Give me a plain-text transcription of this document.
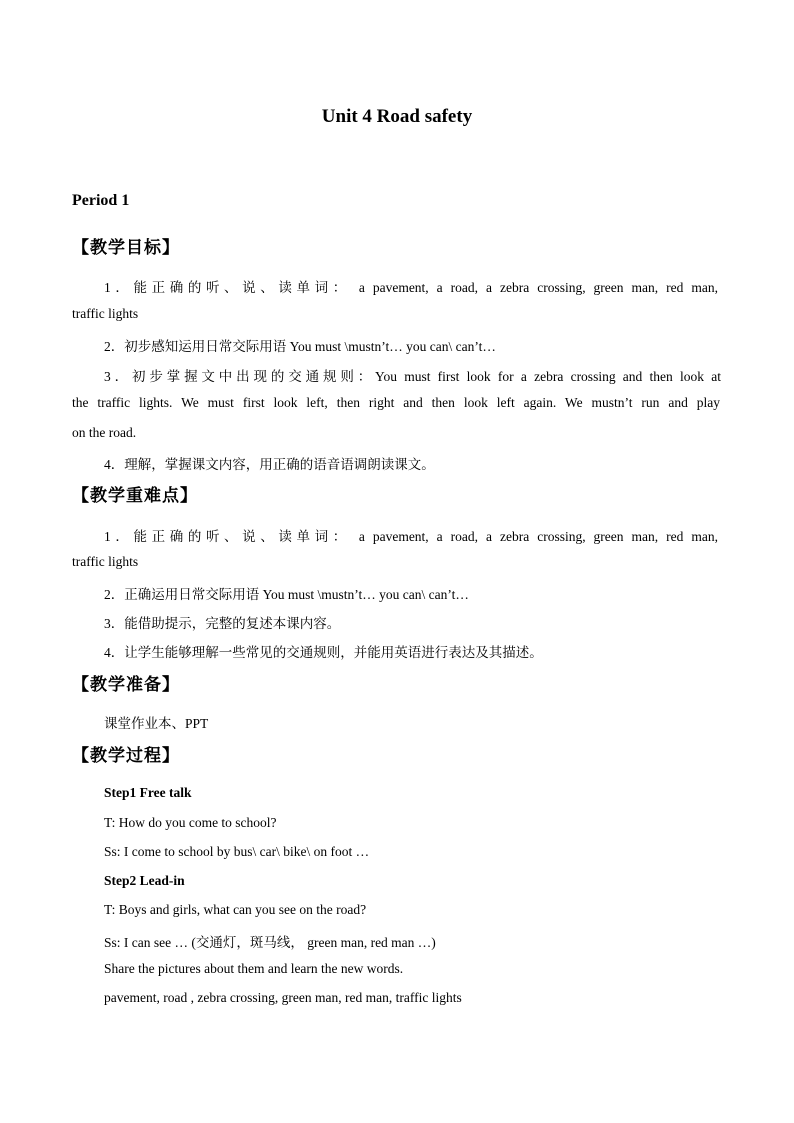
Unit 4 Road safety
Period 1
【教学目标】
1．能正确的听、说、读单词： a pavement, a road, a zebra crossing, green man, red man,
traffic lights
2．初步感知运用日常交际用语 You must \mustn’t… you can\ can’t…
3．初步掌握文中出现的交通规则：You must first look for a zebra crossing and then look at
the traffic lights. We must first look left, then right and then look left again. We mustn’t run and play
on the road.
4．理解，掌握课文内容，用正确的语音语调朗读课文。
【教学重难点】
1．能正确的听、说、读单词： a pavement, a road, a zebra crossing, green man, red man,
traffic lights
2．正确运用日常交际用语 You must \mustn’t… you can\ can’t…
3．能借助提示，完整的复述本课内容。
4．让学生能够理解一些常见的交通规则，并能用英语进行表达及其描述。
【教学准备】
课堂作业本、PPT
【教学过程】
Step1 Free talk
T: How do you come to school?
Ss: I come to school by bus\ car\ bike\ on foot …
Step2 Lead-in
T: Boys and girls, what can you see on the road?
Ss: I can see … (交通灯，斑马线， green man, red man …)
Share the pictures about them and learn the new words.
pavement, road , zebra crossing, green man, red man, traffic lights
